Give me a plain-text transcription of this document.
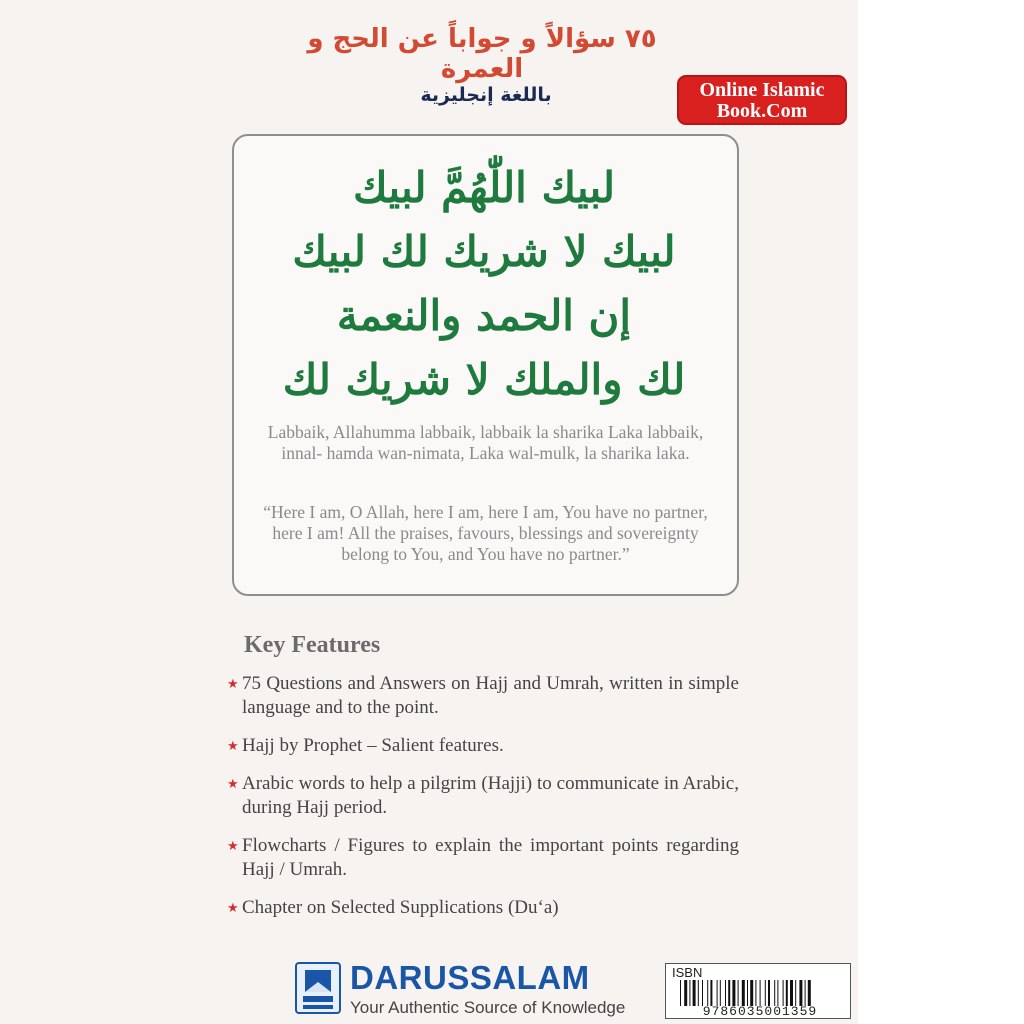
٧٥ سؤالاً و جواباً عن الحج و العمرة
باللغة إنجليزية
لبيك اللّٰهُمَّ لبيك
لبيك لا شريك لك لبيك
إن الحمد والنعمة
لك والملك لا شريك لك
Labbaik, Allahumma labbaik, labbaik la sharika Laka labbaik, innal- hamda wan-nimata, Laka wal-mulk, la sharika laka.
“Here I am, O Allah, here I am, here I am, You have no partner, here I am! All the praises, favours, blessings and sovereignty belong to You, and You have no partner.”
Key Features
★ 75 Questions and Answers on Hajj and Umrah, written in simple language and to the point.
★ Hajj by Prophet – Salient features.
★ Arabic words to help a pilgrim (Hajji) to communicate in Arabic, during Hajj period.
★ Flowcharts / Figures to explain the important points regarding Hajj / Umrah.
★ Chapter on Selected Supplications (Du‘a)
DARUSSALAM
Your Authentic Source of Knowledge
ISBN
9786035001359
Online Islamic
Book.Com
